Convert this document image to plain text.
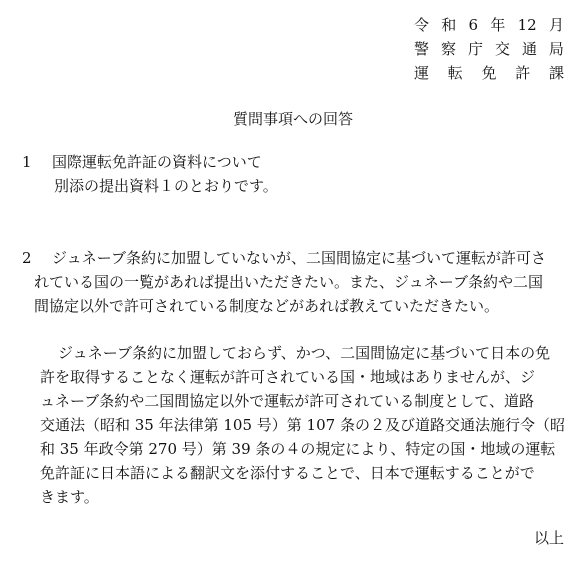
令 和 6 年 12 月
警 察 庁 交 通 局
運 転 免 許 課
質問事項への回答
1 国際運転免許証の資料について
別添の提出資料１のとおりです。

2 ジュネーブ条約に加盟していないが、二国間協定に基づいて運転が許可さ

れている国の一覧があれば提出いただきたい。また、ジュネーブ条約や二国

間協定以外で許可されている制度などがあれば教えていただきたい。

ジュネーブ条約に加盟しておらず、かつ、二国間協定に基づいて日本の免

許を取得することなく運転が許可されている国・地域はありませんが、ジ

ュネーブ条約や二国間協定以外で運転が許可されている制度として、道路

交通法（昭和 35 年法律第 105 号）第 107 条の２及び道路交通法施行令（昭

和 35 年政令第 270 号）第 39 条の４の規定により、特定の国・地域の運転

免許証に日本語による翻訳文を添付することで、日本で運転することがで

きます。

以上
